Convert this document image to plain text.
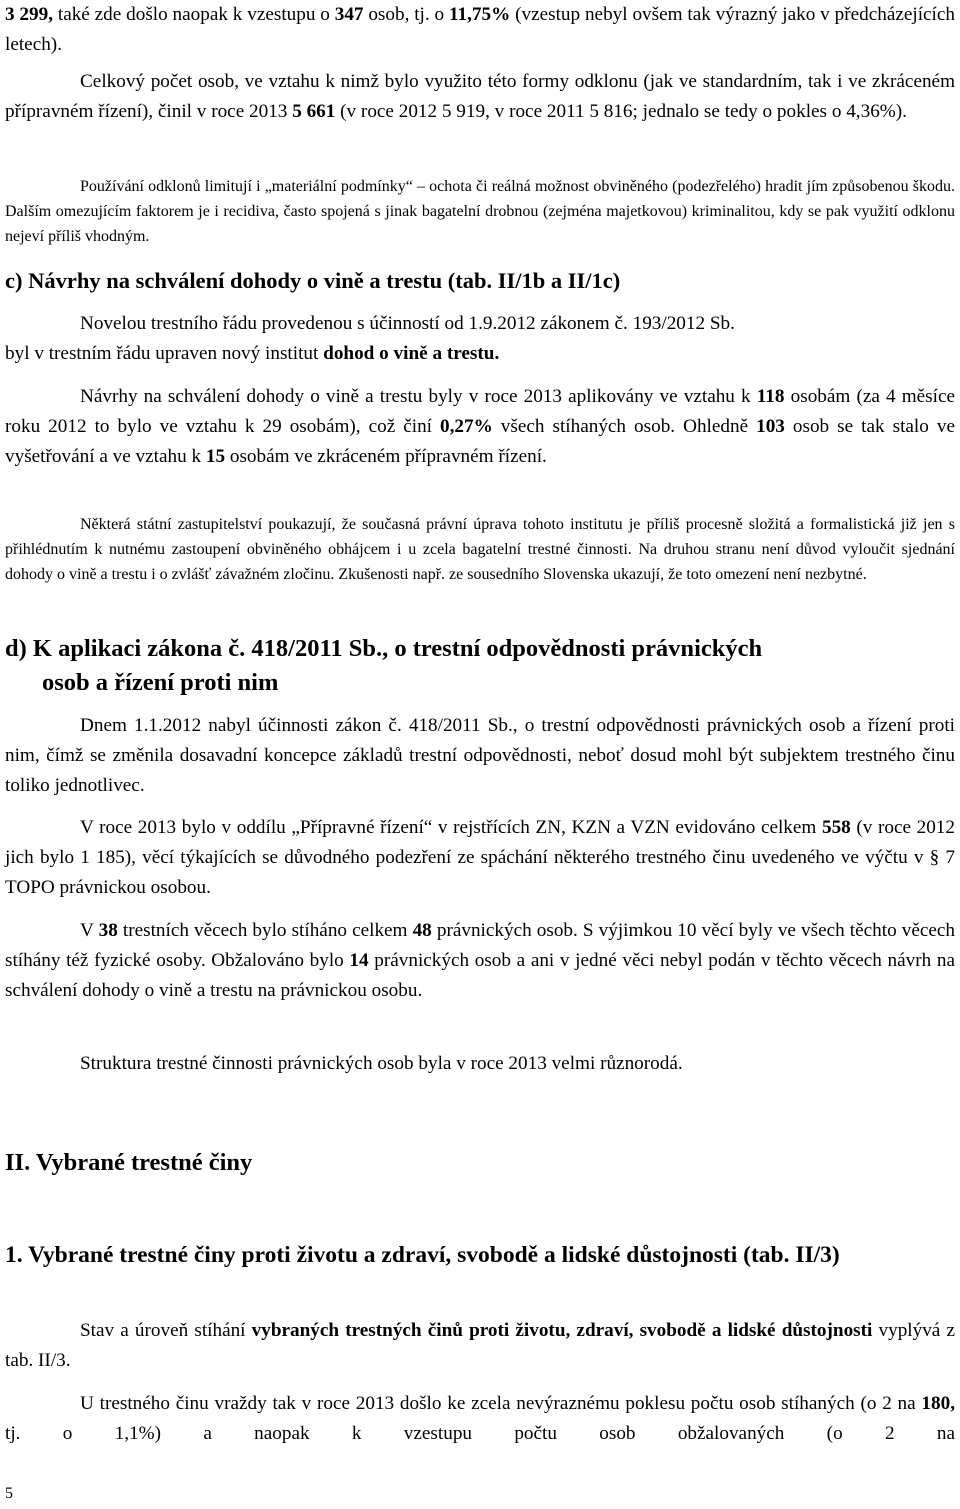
3 299, také zde došlo naopak k vzestupu o 347 osob, tj. o 11,75% (vzestup nebyl ovšem tak výrazný jako v předcházejících letech).

Celkový počet osob, ve vztahu k nimž bylo využito této formy odklonu (jak ve standardním, tak i ve zkráceném přípravném řízení), činil v roce 2013 5 661 (v roce 2012 5 919, v roce 2011 5 816; jednalo se tedy o pokles o 4,36%).

Používání odklonů limitují i „materiální podmínky“ – ochota či reálná možnost obviněného (podezřelého) hradit jím způsobenou škodu. Dalším omezujícím faktorem je i recidiva, často spojená s jinak bagatelní drobnou (zejména majetkovou) kriminalitou, kdy se pak využití odklonu nejeví příliš vhodným.

c) Návrhy na schválení dohody o vině a trestu (tab. II/1b a II/1c)

Novelou trestního řádu provedenou s účinností od 1.9.2012 zákonem č. 193/2012 Sb.

byl v trestním řádu upraven nový institut dohod o vině a trestu.

Návrhy na schválení dohody o vině a trestu byly v roce 2013 aplikovány ve vztahu k 118 osobám (za 4 měsíce roku 2012 to bylo ve vztahu k 29 osobám), což činí 0,27% všech stíhaných osob. Ohledně 103 osob se tak stalo ve vyšetřování a ve vztahu k 15 osobám ve zkráceném přípravném řízení.

Některá státní zastupitelství poukazují, že současná právní úprava tohoto institutu je příliš procesně složitá a formalistická již jen s přihlédnutím k nutnému zastoupení obviněného obhájcem i u zcela bagatelní trestné činnosti. Na druhou stranu není důvod vyloučit sjednání dohody o vině a trestu i o zvlášť závažném zločinu. Zkušenosti např. ze sousedního Slovenska ukazují, že toto omezení není nezbytné.

d) K aplikaci zákona č. 418/2011 Sb., o trestní odpovědnosti právnických

osob a řízení proti nim

Dnem 1.1.2012 nabyl účinnosti zákon č. 418/2011 Sb., o trestní odpovědnosti právnických osob a řízení proti nim, čímž se změnila dosavadní koncepce základů trestní odpovědnosti, neboť dosud mohl být subjektem trestného činu toliko jednotlivec.

V roce 2013 bylo v oddílu „Přípravné řízení“ v rejstřících ZN, KZN a VZN evidováno celkem 558 (v roce 2012 jich bylo 1 185), věcí týkajících se důvodného podezření ze spáchání některého trestného činu uvedeného ve výčtu v § 7 TOPO právnickou osobou.

V 38 trestních věcech bylo stíháno celkem 48 právnických osob. S výjimkou 10 věcí byly ve všech těchto věcech stíhány též fyzické osoby. Obžalováno bylo 14 právnických osob a ani v jedné věci nebyl podán v těchto věcech návrh na schválení dohody o vině a trestu na právnickou osobu.

Struktura trestné činnosti právnických osob byla v roce 2013 velmi různorodá.

II. Vybrané trestné činy

1. Vybrané trestné činy proti životu a zdraví, svobodě a lidské důstojnosti (tab. II/3)

Stav a úroveň stíhání vybraných trestných činů proti životu, zdraví, svobodě a lidské důstojnosti vyplývá z tab. II/3.

U trestného činu vraždy tak v roce 2013 došlo ke zcela nevýraznému poklesu počtu osob stíhaných (o 2 na 180, tj. o 1,1%) a naopak k vzestupu počtu osob obžalovaných (o 2 na

5
